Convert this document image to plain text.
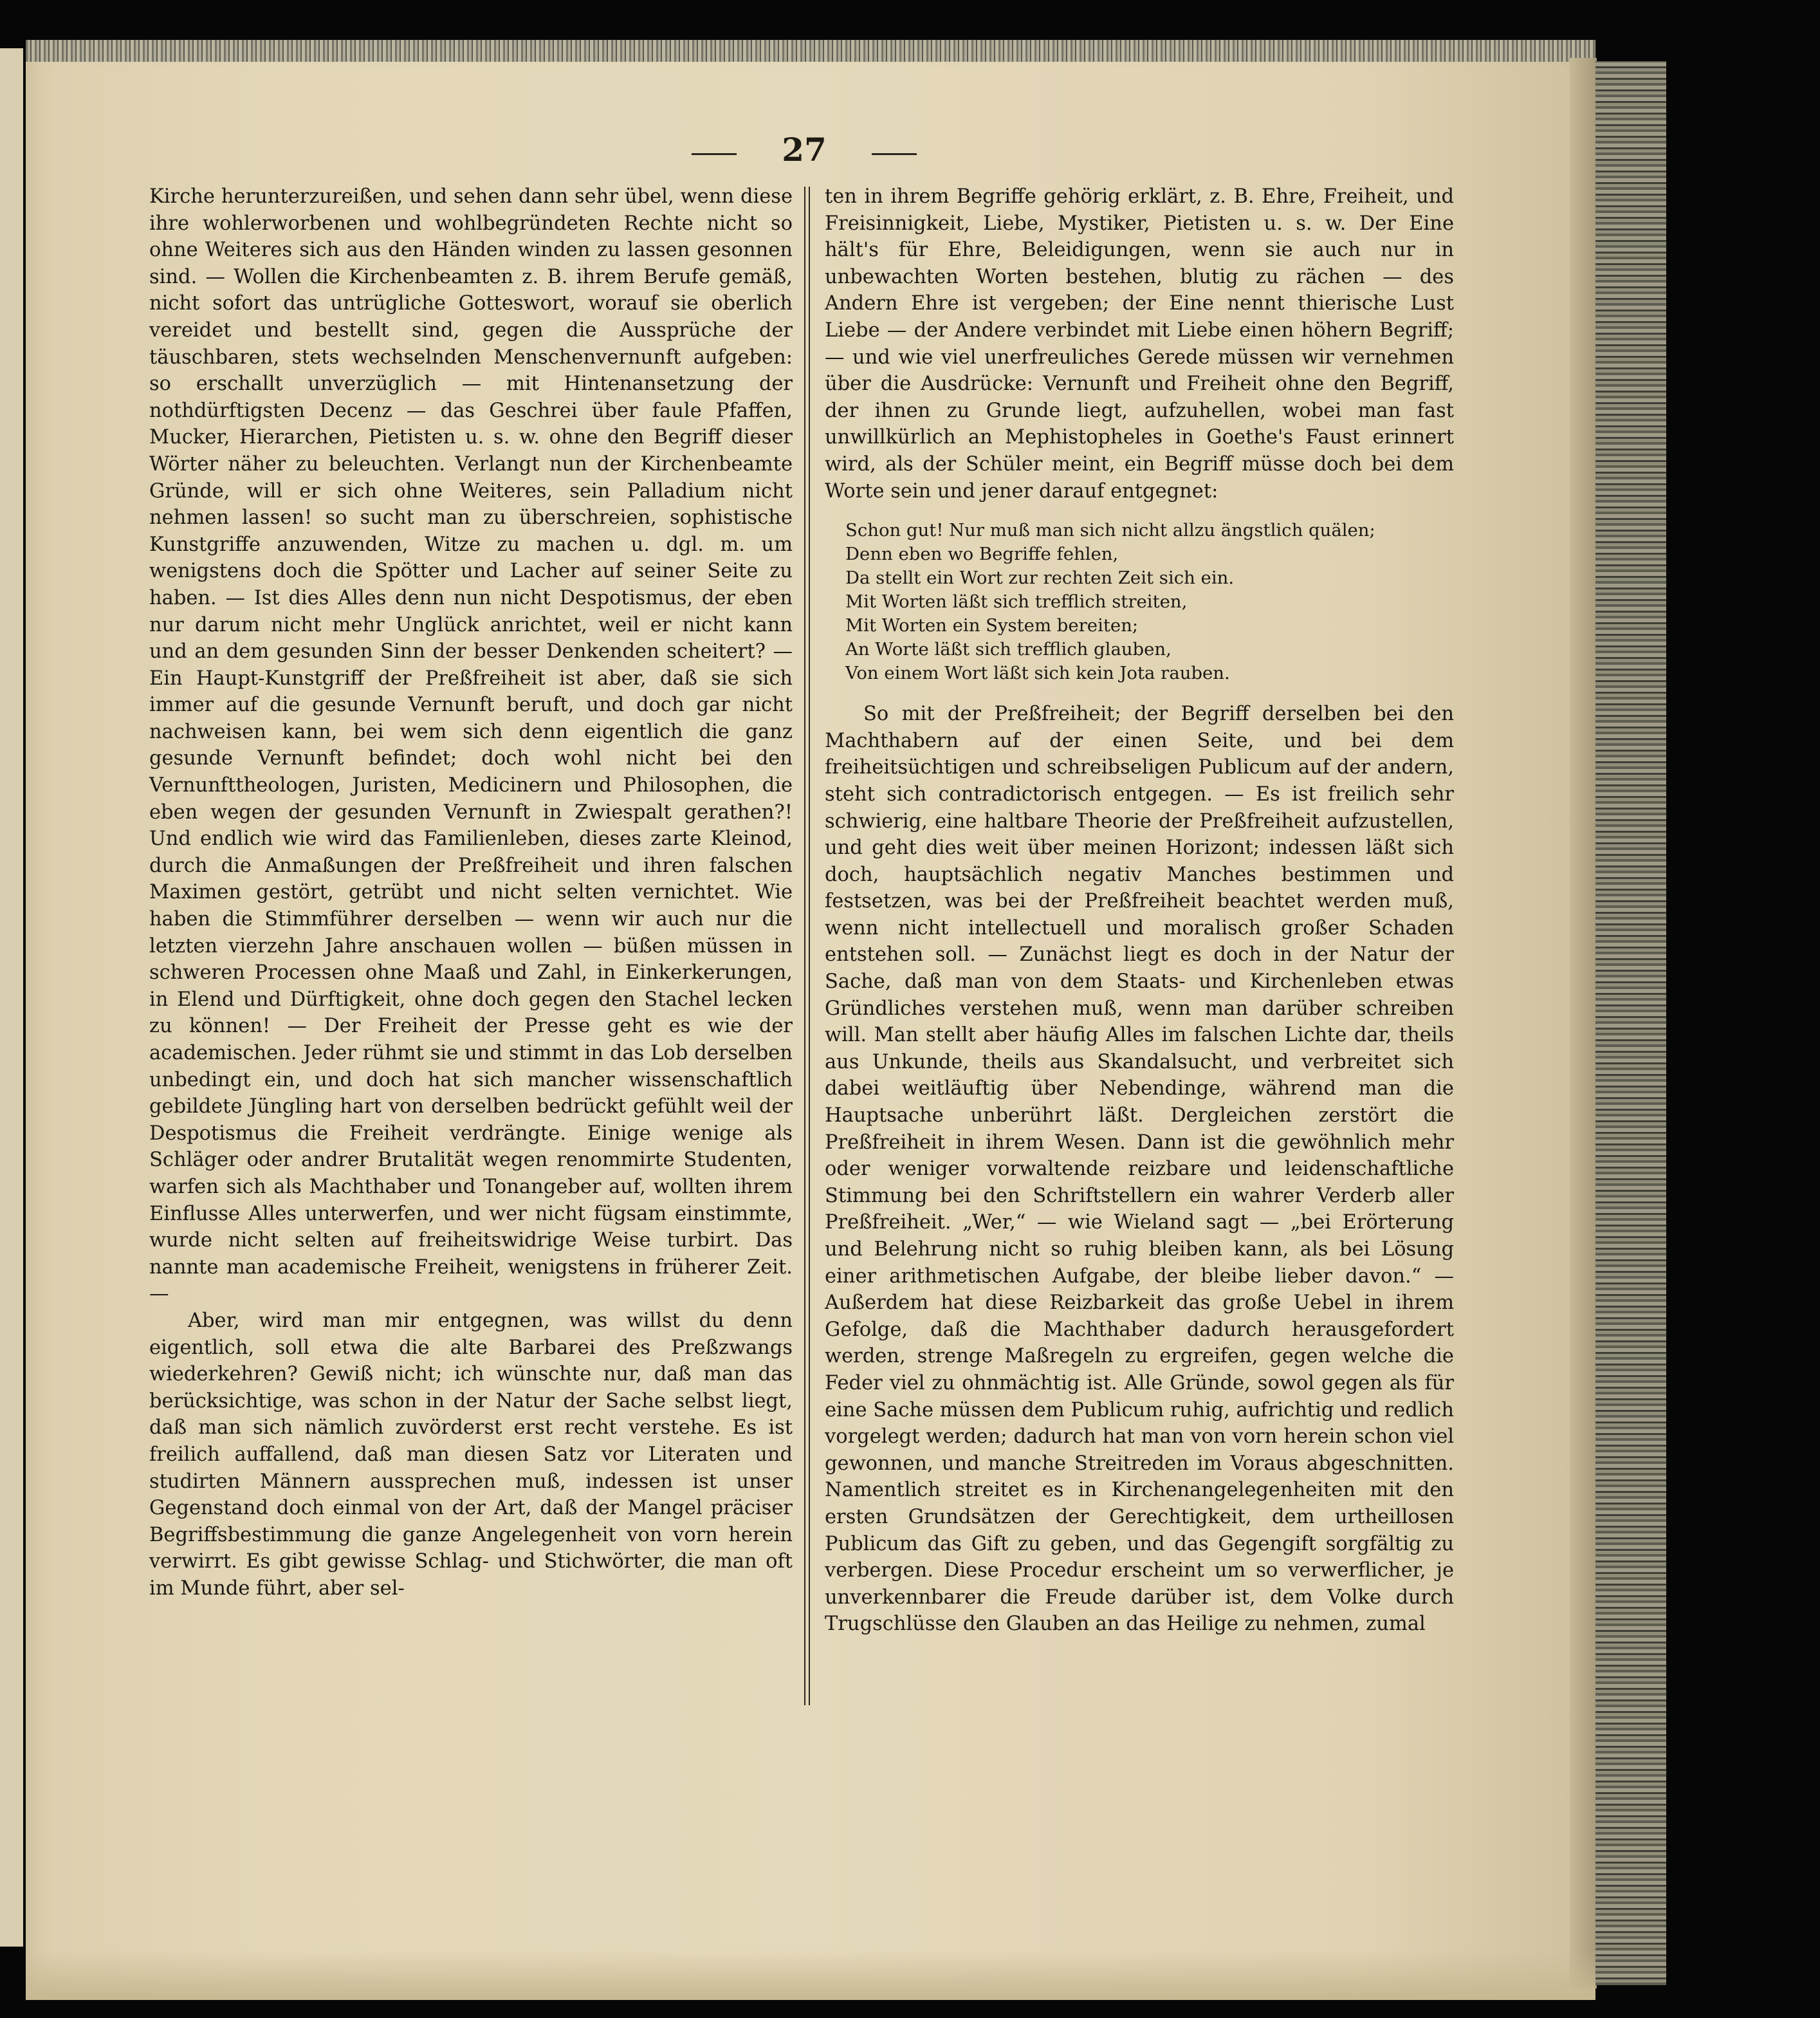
27

Kirche herunterzureißen, und sehen dann sehr übel, wenn diese ihre wohlerworbenen und wohlbegründeten Rechte nicht so ohne Weiteres sich aus den Händen winden zu lassen gesonnen sind. — Wollen die Kirchenbeamten z. B. ihrem Berufe gemäß, nicht sofort das untrügliche Gotteswort, worauf sie oberlich vereidet und bestellt sind, gegen die Aussprüche der täuschbaren, stets wechselnden Menschenvernunft aufgeben: so erschallt unverzüglich — mit Hintenansetzung der nothdürftigsten Decenz — das Geschrei über faule Pfaffen, Mucker, Hierarchen, Pietisten u. s. w. ohne den Begriff dieser Wörter näher zu beleuchten. Verlangt nun der Kirchenbeamte Gründe, will er sich ohne Weiteres, sein Palladium nicht nehmen lassen! so sucht man zu überschreien, sophistische Kunstgriffe anzuwenden, Witze zu machen u. dgl. m. um wenigstens doch die Spötter und Lacher auf seiner Seite zu haben. — Ist dies Alles denn nun nicht Despotismus, der eben nur darum nicht mehr Unglück anrichtet, weil er nicht kann und an dem gesunden Sinn der besser Denkenden scheitert? — Ein Haupt-Kunstgriff der Preßfreiheit ist aber, daß sie sich immer auf die gesunde Vernunft beruft, und doch gar nicht nachweisen kann, bei wem sich denn eigentlich die ganz gesunde Vernunft befindet; doch wohl nicht bei den Vernunfttheologen, Juristen, Medicinern und Philosophen, die eben wegen der gesunden Vernunft in Zwiespalt gerathen?! Und endlich wie wird das Familienleben, dieses zarte Kleinod, durch die Anmaßungen der Preßfreiheit und ihren falschen Maximen gestört, getrübt und nicht selten vernichtet. Wie haben die Stimmführer derselben — wenn wir auch nur die letzten vierzehn Jahre anschauen wollen — büßen müssen in schweren Processen ohne Maaß und Zahl, in Einkerkerungen, in Elend und Dürftigkeit, ohne doch gegen den Stachel lecken zu können! — Der Freiheit der Presse geht es wie der academischen. Jeder rühmt sie und stimmt in das Lob derselben unbedingt ein, und doch hat sich mancher wissenschaftlich gebildete Jüngling hart von derselben bedrückt gefühlt weil der Despotismus die Freiheit verdrängte. Einige wenige als Schläger oder andrer Brutalität wegen renommirte Studenten, warfen sich als Machthaber und Tonangeber auf, wollten ihrem Einflusse Alles unterwerfen, und wer nicht fügsam einstimmte, wurde nicht selten auf freiheitswidrige Weise turbirt. Das nannte man academische Freiheit, wenigstens in früherer Zeit. —

Aber, wird man mir entgegnen, was willst du denn eigentlich, soll etwa die alte Barbarei des Preßzwangs wiederkehren? Gewiß nicht; ich wünschte nur, daß man das berücksichtige, was schon in der Natur der Sache selbst liegt, daß man sich nämlich zuvörderst erst recht verstehe. Es ist freilich auffallend, daß man diesen Satz vor Literaten und studirten Männern aussprechen muß, indessen ist unser Gegenstand doch einmal von der Art, daß der Mangel präciser Begriffsbestimmung die ganze Angelegenheit von vorn herein verwirrt. Es gibt gewisse Schlag- und Stichwörter, die man oft im Munde führt, aber sel-

ten in ihrem Begriffe gehörig erklärt, z. B. Ehre, Freiheit, und Freisinnigkeit, Liebe, Mystiker, Pietisten u. s. w. Der Eine hält's für Ehre, Beleidigungen, wenn sie auch nur in unbewachten Worten bestehen, blutig zu rächen — des Andern Ehre ist vergeben; der Eine nennt thierische Lust Liebe — der Andere verbindet mit Liebe einen höhern Begriff; — und wie viel unerfreuliches Gerede müssen wir vernehmen über die Ausdrücke: Vernunft und Freiheit ohne den Begriff, der ihnen zu Grunde liegt, aufzuhellen, wobei man fast unwillkürlich an Mephistopheles in Goethe's Faust erinnert wird, als der Schüler meint, ein Begriff müsse doch bei dem Worte sein und jener darauf entgegnet:

Schon gut! Nur muß man sich nicht allzu ängstlich quälen;
Denn eben wo Begriffe fehlen,
Da stellt ein Wort zur rechten Zeit sich ein.
Mit Worten läßt sich trefflich streiten,
Mit Worten ein System bereiten;
An Worte läßt sich trefflich glauben,
Von einem Wort läßt sich kein Jota rauben.

So mit der Preßfreiheit; der Begriff derselben bei den Machthabern auf der einen Seite, und bei dem freiheitsüchtigen und schreibseligen Publicum auf der andern, steht sich contradictorisch entgegen. — Es ist freilich sehr schwierig, eine haltbare Theorie der Preßfreiheit aufzustellen, und geht dies weit über meinen Horizont; indessen läßt sich doch, hauptsächlich negativ Manches bestimmen und festsetzen, was bei der Preßfreiheit beachtet werden muß, wenn nicht intellectuell und moralisch großer Schaden entstehen soll. — Zunächst liegt es doch in der Natur der Sache, daß man von dem Staats- und Kirchenleben etwas Gründliches verstehen muß, wenn man darüber schreiben will. Man stellt aber häufig Alles im falschen Lichte dar, theils aus Unkunde, theils aus Skandalsucht, und verbreitet sich dabei weitläuftig über Nebendinge, während man die Hauptsache unberührt läßt. Dergleichen zerstört die Preßfreiheit in ihrem Wesen. Dann ist die gewöhnlich mehr oder weniger vorwaltende reizbare und leidenschaftliche Stimmung bei den Schriftstellern ein wahrer Verderb aller Preßfreiheit. „Wer,“ — wie Wieland sagt — „bei Erörterung und Belehrung nicht so ruhig bleiben kann, als bei Lösung einer arithmetischen Aufgabe, der bleibe lieber davon.“ — Außerdem hat diese Reizbarkeit das große Uebel in ihrem Gefolge, daß die Machthaber dadurch herausgefordert werden, strenge Maßregeln zu ergreifen, gegen welche die Feder viel zu ohnmächtig ist. Alle Gründe, sowol gegen als für eine Sache müssen dem Publicum ruhig, aufrichtig und redlich vorgelegt werden; dadurch hat man von vorn herein schon viel gewonnen, und manche Streitreden im Voraus abgeschnitten. Namentlich streitet es in Kirchenangelegenheiten mit den ersten Grundsätzen der Gerechtigkeit, dem urtheillosen Publicum das Gift zu geben, und das Gegengift sorgfältig zu verbergen. Diese Procedur erscheint um so verwerflicher, je unverkennbarer die Freude darüber ist, dem Volke durch Trugschlüsse den Glauben an das Heilige zu nehmen, zumal
